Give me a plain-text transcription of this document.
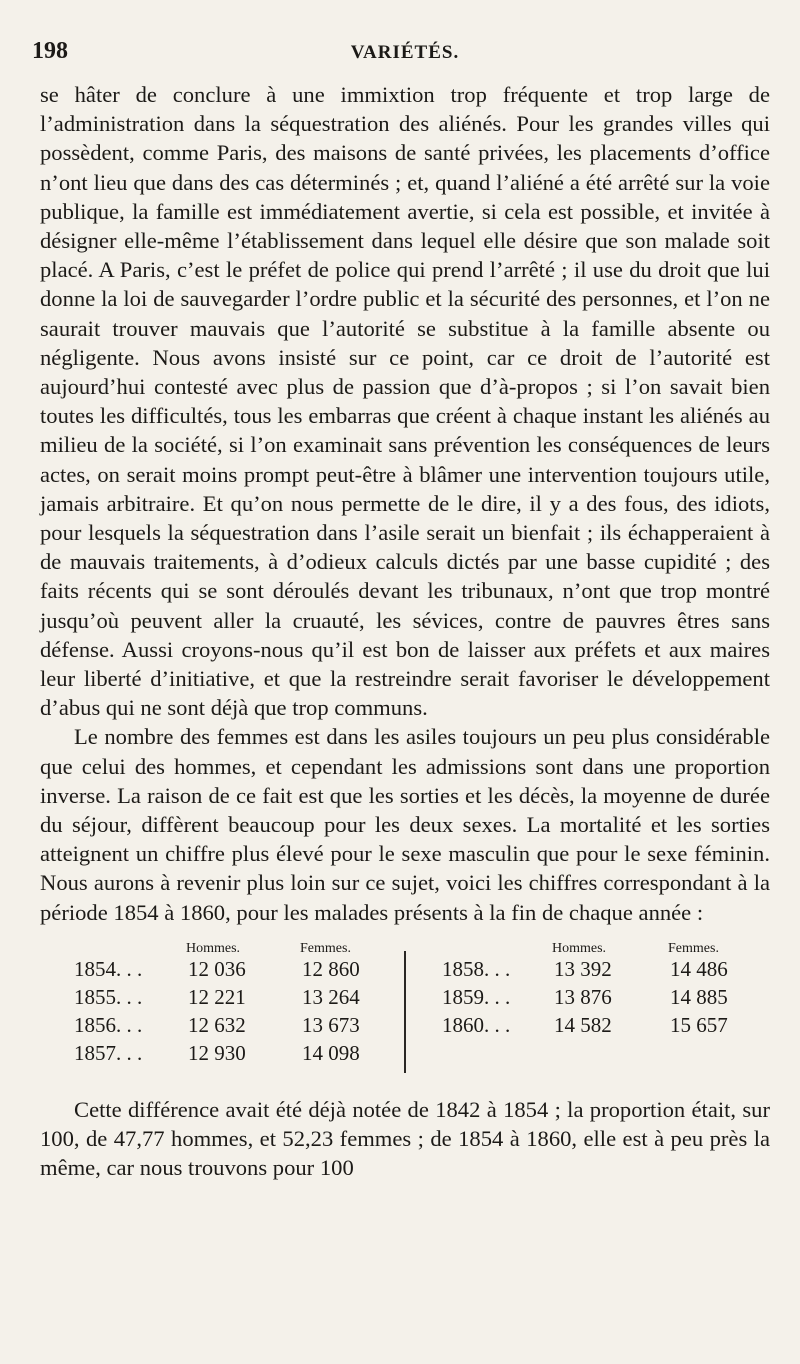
198	VARIÉTÉS.

se hâter de conclure à une immixtion trop fréquente et trop large de l’administration dans la séquestration des aliénés. Pour les grandes villes qui possèdent, comme Paris, des maisons de santé privées, les placements d’office n’ont lieu que dans des cas déterminés ; et, quand l’aliéné a été arrêté sur la voie publique, la famille est immédiatement avertie, si cela est possible, et invitée à désigner elle-même l’établissement dans lequel elle désire que son malade soit placé. A Paris, c’est le préfet de police qui prend l’arrêté ; il use du droit que lui donne la loi de sauvegarder l’ordre public et la sécurité des personnes, et l’on ne saurait trouver mauvais que l’autorité se substitue à la famille absente ou négligente. Nous avons insisté sur ce point, car ce droit de l’autorité est aujourd’hui contesté avec plus de passion que d’à-propos ; si l’on savait bien toutes les difficultés, tous les embarras que créent à chaque instant les aliénés au milieu de la société, si l’on examinait sans prévention les conséquences de leurs actes, on serait moins prompt peut-être à blâmer une intervention toujours utile, jamais arbitraire. Et qu’on nous permette de le dire, il y a des fous, des idiots, pour lesquels la séquestration dans l’asile serait un bienfait ; ils échapperaient à de mauvais traitements, à d’odieux calculs dictés par une basse cupidité ; des faits récents qui se sont déroulés devant les tribunaux, n’ont que trop montré jusqu’où peuvent aller la cruauté, les sévices, contre de pauvres êtres sans défense. Aussi croyons-nous qu’il est bon de laisser aux préfets et aux maires leur liberté d’initiative, et que la restreindre serait favoriser le développement d’abus qui ne sont déjà que trop communs.

Le nombre des femmes est dans les asiles toujours un peu plus considérable que celui des hommes, et cependant les admissions sont dans une proportion inverse. La raison de ce fait est que les sorties et les décès, la moyenne de durée du séjour, diffèrent beaucoup pour les deux sexes. La mortalité et les sorties atteignent un chiffre plus élevé pour le sexe masculin que pour le sexe féminin. Nous aurons à revenir plus loin sur ce sujet, voici les chiffres correspondant à la période 1854 à 1860, pour les malades présents à la fin de chaque année :

Hommes.	Femmes.	Hommes.	Femmes.
1854. . . 12 036	12 860
1855. . . 12 221	13 264
1856. . . 12 632	13 673
1857. . . 12 930	14 098
1858. . . 13 392	14 486
1859. . . 13 876	14 885
1860. . . 14 582	15 657

Cette différence avait été déjà notée de 1842 à 1854 ; la proportion était, sur 100, de 47,77 hommes, et 52,23 femmes ; de 1854 à 1860, elle est à peu près la même, car nous trouvons pour 100
